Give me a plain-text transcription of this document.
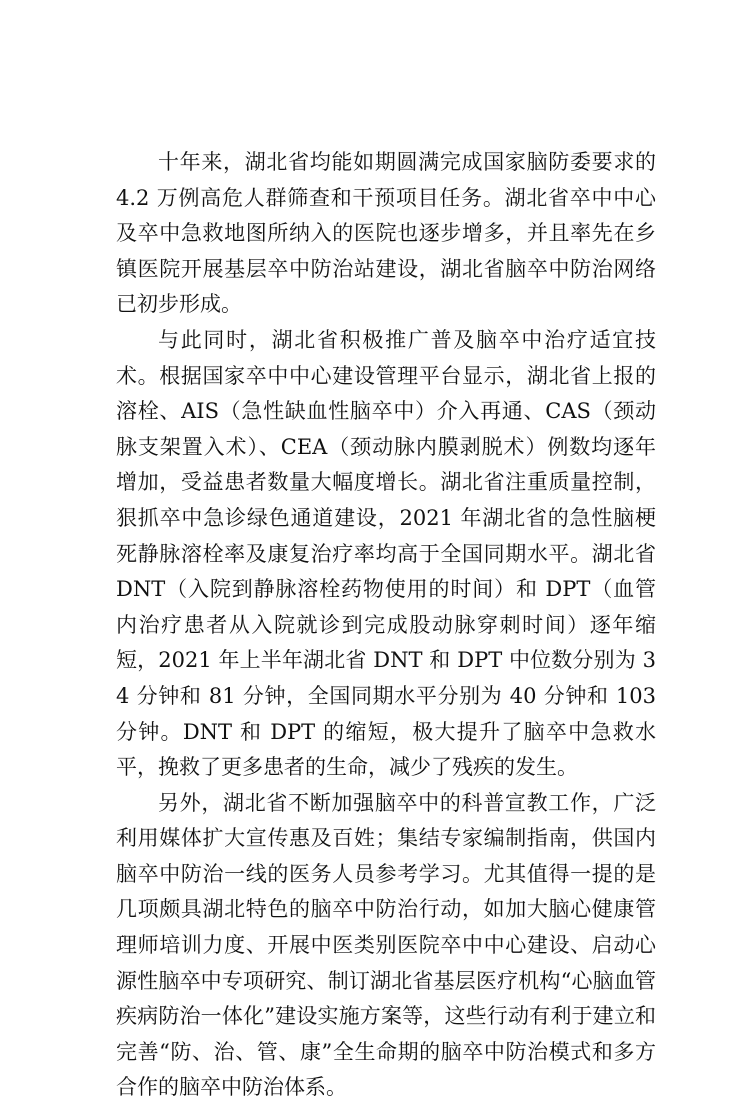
十年来，湖北省均能如期圆满完成国家脑防委要求的 4.2 万例高危人群筛查和干预项目任务。湖北省卒中中心及卒中急救地图所纳入的医院也逐步增多，并且率先在乡镇医院开展基层卒中防治站建设，湖北省脑卒中防治网络已初步形成。

与此同时，湖北省积极推广普及脑卒中治疗适宜技术。根据国家卒中中心建设管理平台显示，湖北省上报的溶栓、AIS（急性缺血性脑卒中）介入再通、CAS（颈动脉支架置入术）、CEA（颈动脉内膜剥脱术）例数均逐年增加，受益患者数量大幅度增长。湖北省注重质量控制，狠抓卒中急诊绿色通道建设，2021 年湖北省的急性脑梗死静脉溶栓率及康复治疗率均高于全国同期水平。湖北省 DNT（入院到静脉溶栓药物使用的时间）和 DPT（血管内治疗患者从入院就诊到完成股动脉穿刺时间）逐年缩短，2021 年上半年湖北省 DNT 和 DPT 中位数分别为 34 分钟和 81 分钟，全国同期水平分别为 40 分钟和 103 分钟。DNT 和 DPT 的缩短，极大提升了脑卒中急救水平，挽救了更多患者的生命，减少了残疾的发生。

另外，湖北省不断加强脑卒中的科普宣教工作，广泛利用媒体扩大宣传惠及百姓；集结专家编制指南，供国内脑卒中防治一线的医务人员参考学习。尤其值得一提的是几项颇具湖北特色的脑卒中防治行动，如加大脑心健康管理师培训力度、开展中医类别医院卒中中心建设、启动心源性脑卒中专项研究、制订湖北省基层医疗机构“心脑血管疾病防治一体化”建设实施方案等，这些行动有利于建立和完善“防、治、管、康”全生命期的脑卒中防治模式和多方合作的脑卒中防治体系。
